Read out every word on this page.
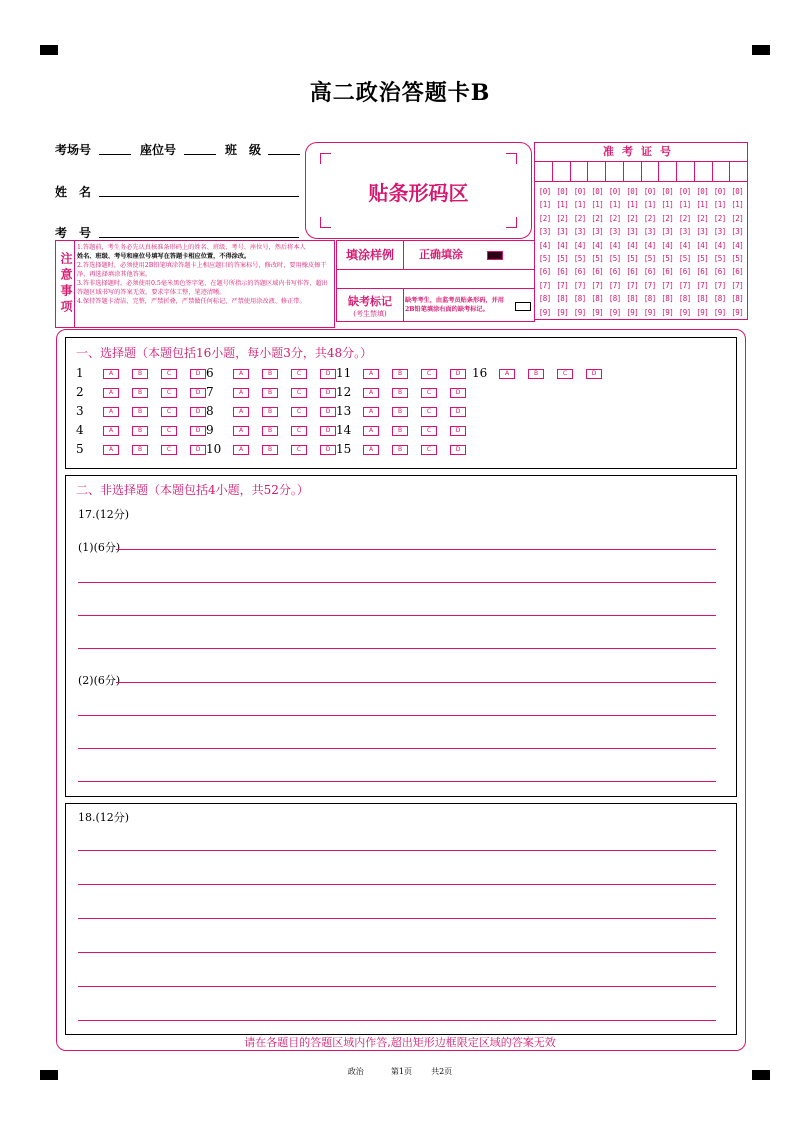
高二政治答题卡B
考场号	座位号	班　级
姓　名
考　号
贴条形码区
准考证号
[0] [0] [0] [0] [0] [0] [0] [0] [0] [0] [0] [0]
[1] [1] [1] [1] [1] [1] [1] [1] [1] [1] [1] [1]
[2] [2] [2] [2] [2] [2] [2] [2] [2] [2] [2] [2]
[3] [3] [3] [3] [3] [3] [3] [3] [3] [3] [3] [3]
[4] [4] [4] [4] [4] [4] [4] [4] [4] [4] [4] [4]
[5] [5] [5] [5] [5] [5] [5] [5] [5] [5] [5] [5]
[6] [6] [6] [6] [6] [6] [6] [6] [6] [6] [6] [6]
[7] [7] [7] [7] [7] [7] [7] [7] [7] [7] [7] [7]
[8] [8] [8] [8] [8] [8] [8] [8] [8] [8] [8] [8]
[9] [9] [9] [9] [9] [9] [9] [9] [9] [9] [9] [9]
注意事项
1.答题前，考生务必先认真核准条形码上的姓名、班级、考号、座位号，然后将本人
姓名、班级、考号和座位号填写在答题卡相应位置，不得涂改。
2.答选择题时，必须使用2B铅笔填涂答题卡上相应题目的答案标号，修改时，要用橡皮擦干净，再选择填涂其他答案。
3.答非选择题时，必须使用0.5毫米黑色签字笔，在题号所指示的答题区域内书写作答，超出答题区域书写的答案无效。要求字体工整，笔迹清晰。
4.保持答题卡清洁、完整，严禁折叠，严禁做任何标记，严禁使用涂改液、修正带。
填涂样例	正确填涂
缺考标记
(考生禁填)
缺考考生，由监考员贴条形码，并用2B铅笔填涂右面的缺考标记。
一、选择题（本题包括16小题，每小题3分，共48分。）
1	A	B	C	D
2	A	B	C	D
3	A	B	C	D
4	A	B	C	D
5	A	B	C	D
6	A	B	C	D
7	A	B	C	D
8	A	B	C	D
9	A	B	C	D
10	A	B	C	D
11	A	B	C	D
12	A	B	C	D
13	A	B	C	D
14	A	B	C	D
15	A	B	C	D
16	A	B	C	D
二、非选择题（本题包括4小题，共52分。）
17.(12分)
(1)(6分)
(2)(6分)
18.(12分)
请在各题目的答题区域内作答,超出矩形边框限定区域的答案无效
政治	第1页 共2页
